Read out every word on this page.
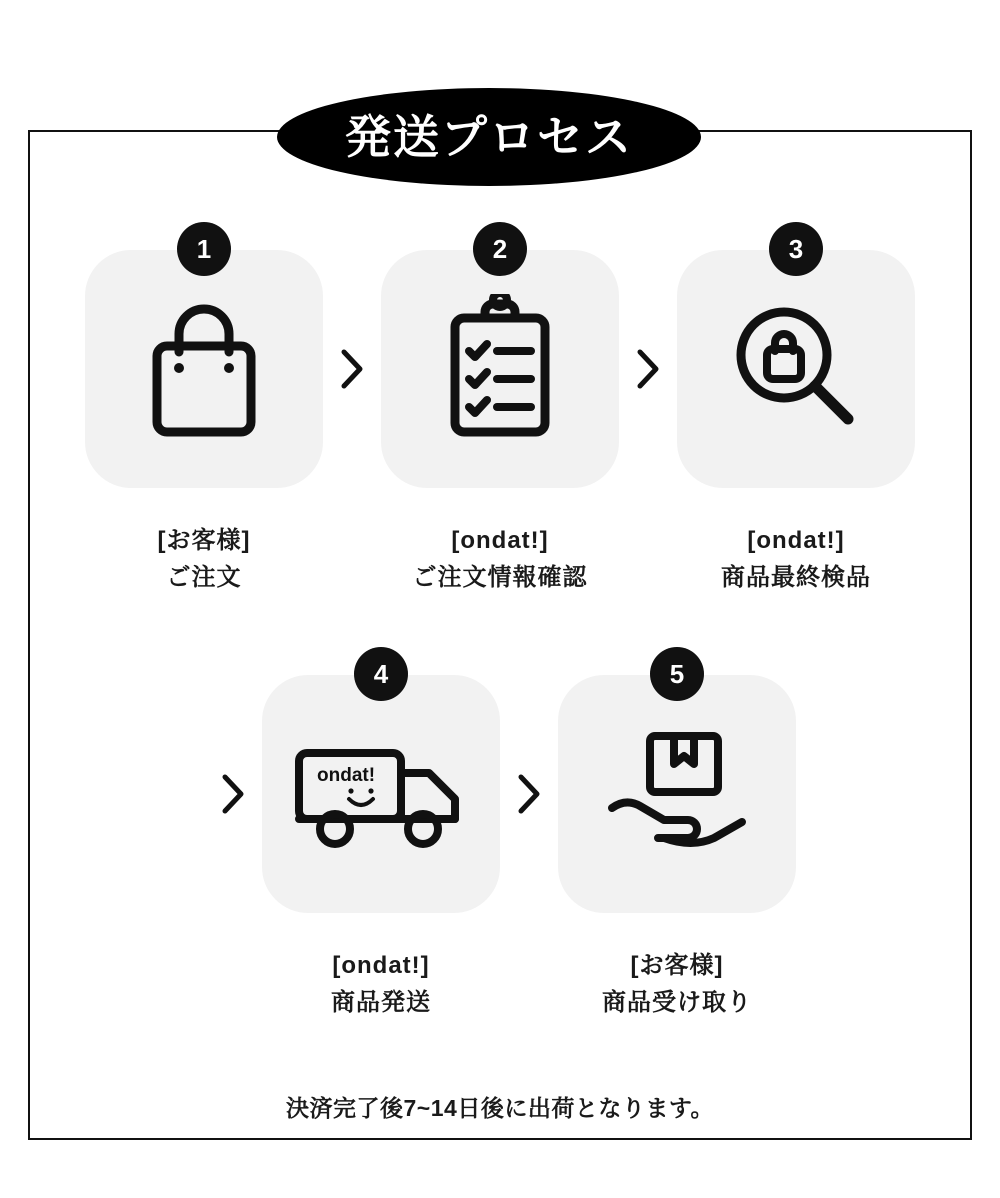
発送プロセス
1
[お客様]
ご注文
2
[ondat!]
ご注文情報確認
3
[ondat!]
商品最終検品
4
ondat!
[ondat!]
商品発送
5
[お客様]
商品受け取り
決済完了後7~14日後に出荷となります。
